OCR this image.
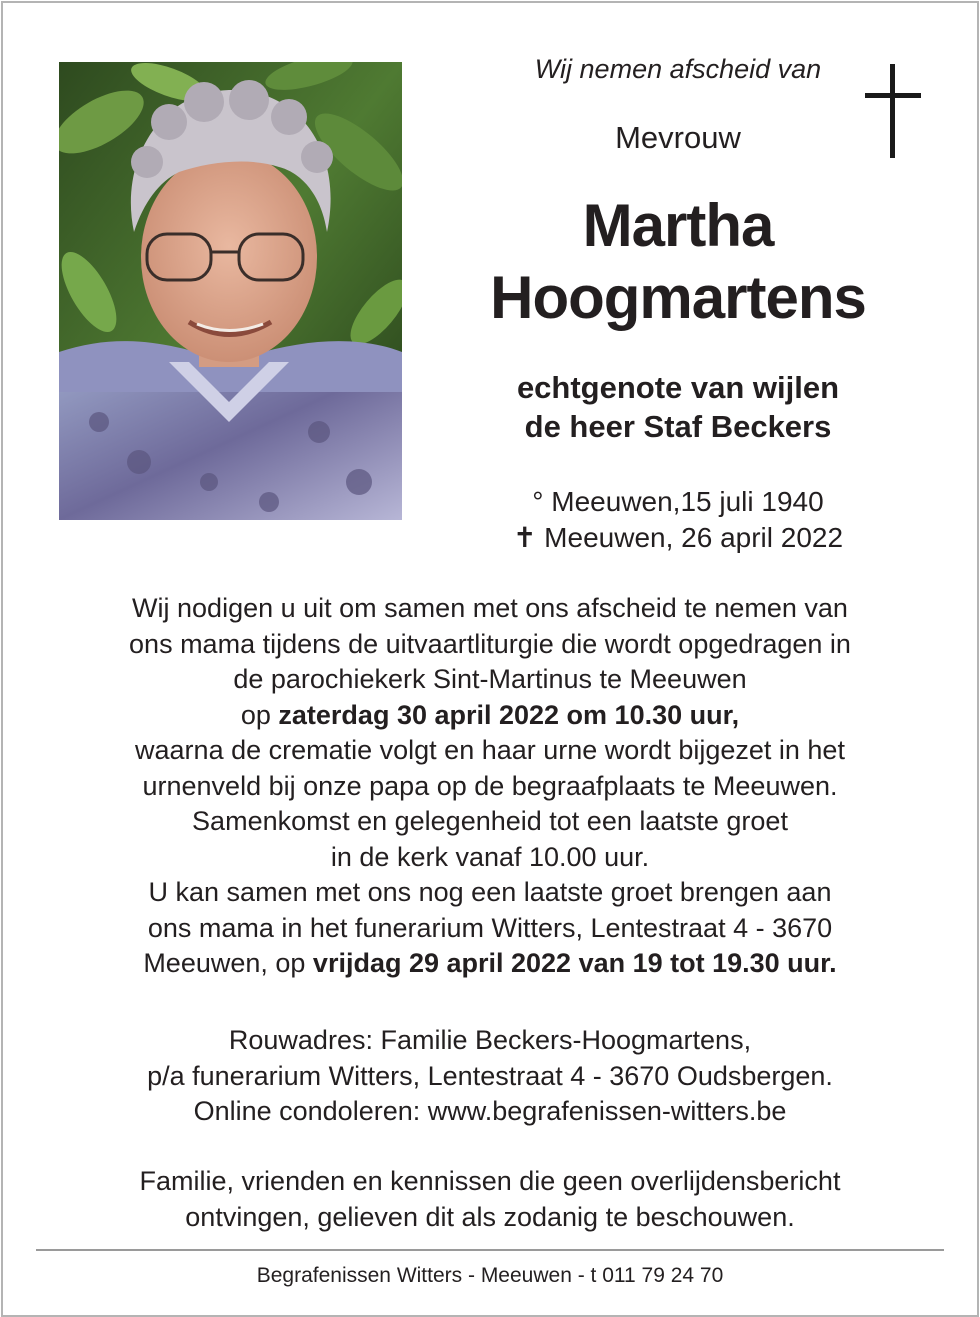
Wij nemen afscheid van
Mevrouw
Martha
Hoogmartens
echtgenote van wijlen
de heer Staf Beckers
° Meeuwen,15 juli 1940
✝ Meeuwen, 26 april 2022
Wij nodigen u uit om samen met ons afscheid te nemen van
ons mama tijdens de uitvaartliturgie die wordt opgedragen in
de parochiekerk Sint-Martinus te Meeuwen
op zaterdag 30 april 2022 om 10.30 uur,
waarna de crematie volgt en haar urne wordt bijgezet in het
urnenveld bij onze papa op de begraafplaats te Meeuwen.
Samenkomst en gelegenheid tot een laatste groet
in de kerk vanaf 10.00 uur.
U kan samen met ons nog een laatste groet brengen aan
ons mama in het funerarium Witters, Lentestraat 4 - 3670
Meeuwen, op vrijdag 29 april 2022 van 19 tot 19.30 uur.
Rouwadres: Familie Beckers-Hoogmartens,
p/a funerarium Witters, Lentestraat 4 - 3670 Oudsbergen.
Online condoleren: www.begrafenissen-witters.be
Familie, vrienden en kennissen die geen overlijdensbericht
ontvingen, gelieven dit als zodanig te beschouwen.
Begrafenissen Witters - Meeuwen - t 011 79 24 70
